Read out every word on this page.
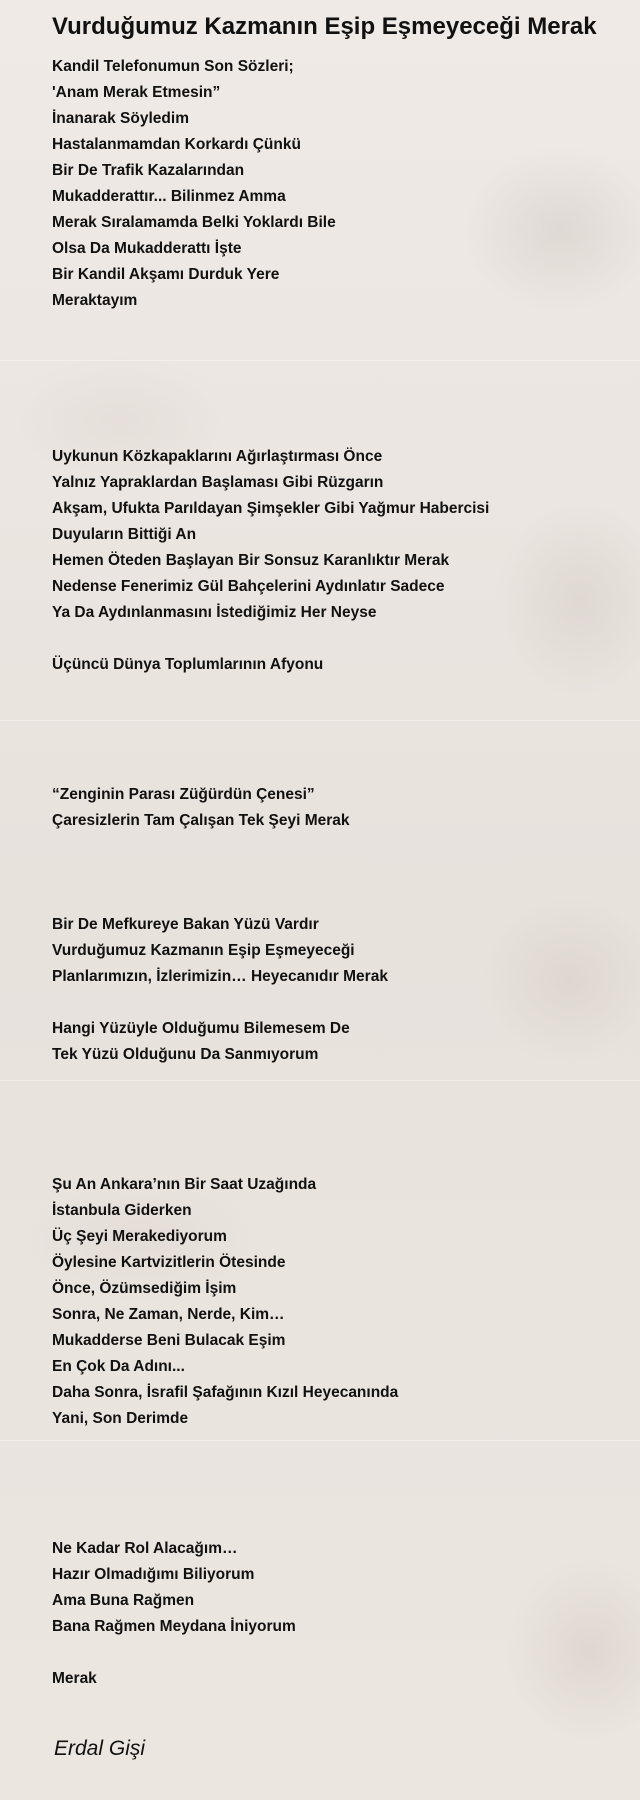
Vurduğumuz Kazmanın Eşip Eşmeyeceği Merak
Kandil Telefonumun Son Sözleri;
'Anam Merak Etmesin”
İnanarak Söyledim
Hastalanmamdan Korkardı Çünkü
Bir De Trafik Kazalarından
Mukadderattır... Bilinmez Amma
Merak Sıralamamda Belki Yoklardı Bile
Olsa Da Mukadderattı İşte
Bir Kandil Akşamı Durduk Yere
Meraktayım
Uykunun Közkapaklarını Ağırlaştırması Önce
Yalnız Yapraklardan Başlaması Gibi Rüzgarın
Akşam, Ufukta Parıldayan Şimşekler Gibi Yağmur Habercisi
Duyuların Bittiği An
Hemen Öteden Başlayan Bir Sonsuz Karanlıktır Merak
Nedense Fenerimiz Gül Bahçelerini Aydınlatır Sadece
Ya Da Aydınlanmasını İstediğimiz Her Neyse
Üçüncü Dünya Toplumlarının Afyonu
“Zenginin Parası Züğürdün Çenesi”
Çaresizlerin Tam Çalışan Tek Şeyi Merak
Bir De Mefkureye Bakan Yüzü Vardır
Vurduğumuz Kazmanın Eşip Eşmeyeceği
Planlarımızın, İzlerimizin… Heyecanıdır Merak
Hangi Yüzüyle Olduğumu Bilemesem De
Tek Yüzü Olduğunu Da Sanmıyorum
Şu An Ankara’nın Bir Saat Uzağında
İstanbula Giderken
Üç Şeyi Merakediyorum
Öylesine Kartvizitlerin Ötesinde
Önce, Özümsediğim İşim
Sonra, Ne Zaman, Nerde, Kim…
Mukadderse Beni Bulacak Eşim
En Çok Da Adını...
Daha Sonra, İsrafil Şafağının Kızıl Heyecanında
Yani, Son Derimde
Ne Kadar Rol Alacağım…
Hazır Olmadığımı Biliyorum
Ama Buna Rağmen
Bana Rağmen Meydana İniyorum
Merak
Erdal Gişi
